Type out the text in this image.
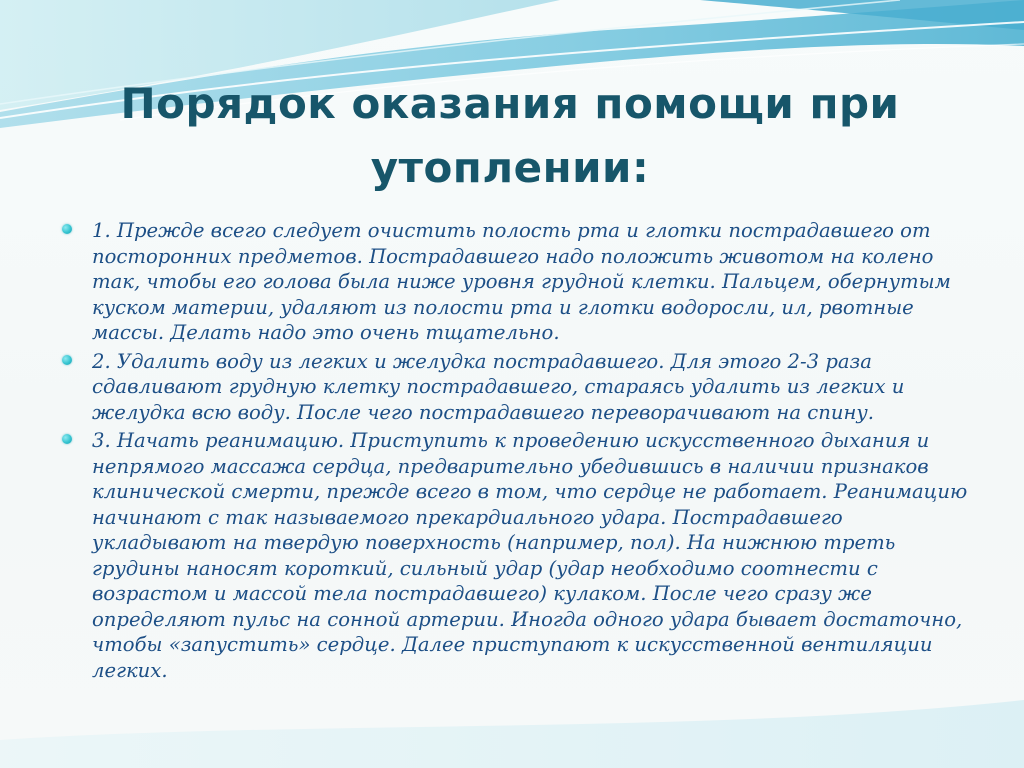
Порядок оказания помощи при
утоплении:
1. Прежде всего следует очистить полость рта и глотки пострадавшего от посторонних предметов. Пострадавшего надо положить животом на колено так, чтобы его голова была ниже уровня грудной клетки. Пальцем, обернутым куском материи, удаляют из полости рта и глотки водоросли, ил, рвотные массы. Делать надо это очень тщательно.
2. Удалить воду из легких и желудка пострадавшего. Для этого 2-3 раза сдавливают грудную клетку пострадавшего, стараясь удалить из легких и желудка всю воду. После чего пострадавшего переворачивают на спину.
3. Начать реанимацию. Приступить к проведению искусственного дыхания и непрямого массажа сердца, предварительно убедившись в наличии признаков клинической смерти, прежде всего в том, что сердце не работает. Реанимацию начинают с так называемого прекардиального удара. Пострадавшего укладывают на твердую поверхность (например, пол). На нижнюю треть грудины наносят короткий, сильный удар (удар необходимо соотнести с возрастом и массой тела пострадавшего) кулаком. После чего сразу же определяют пульс на сонной артерии. Иногда одного удара бывает достаточно, чтобы «запустить» сердце. Далее приступают к искусственной вентиляции легких.
